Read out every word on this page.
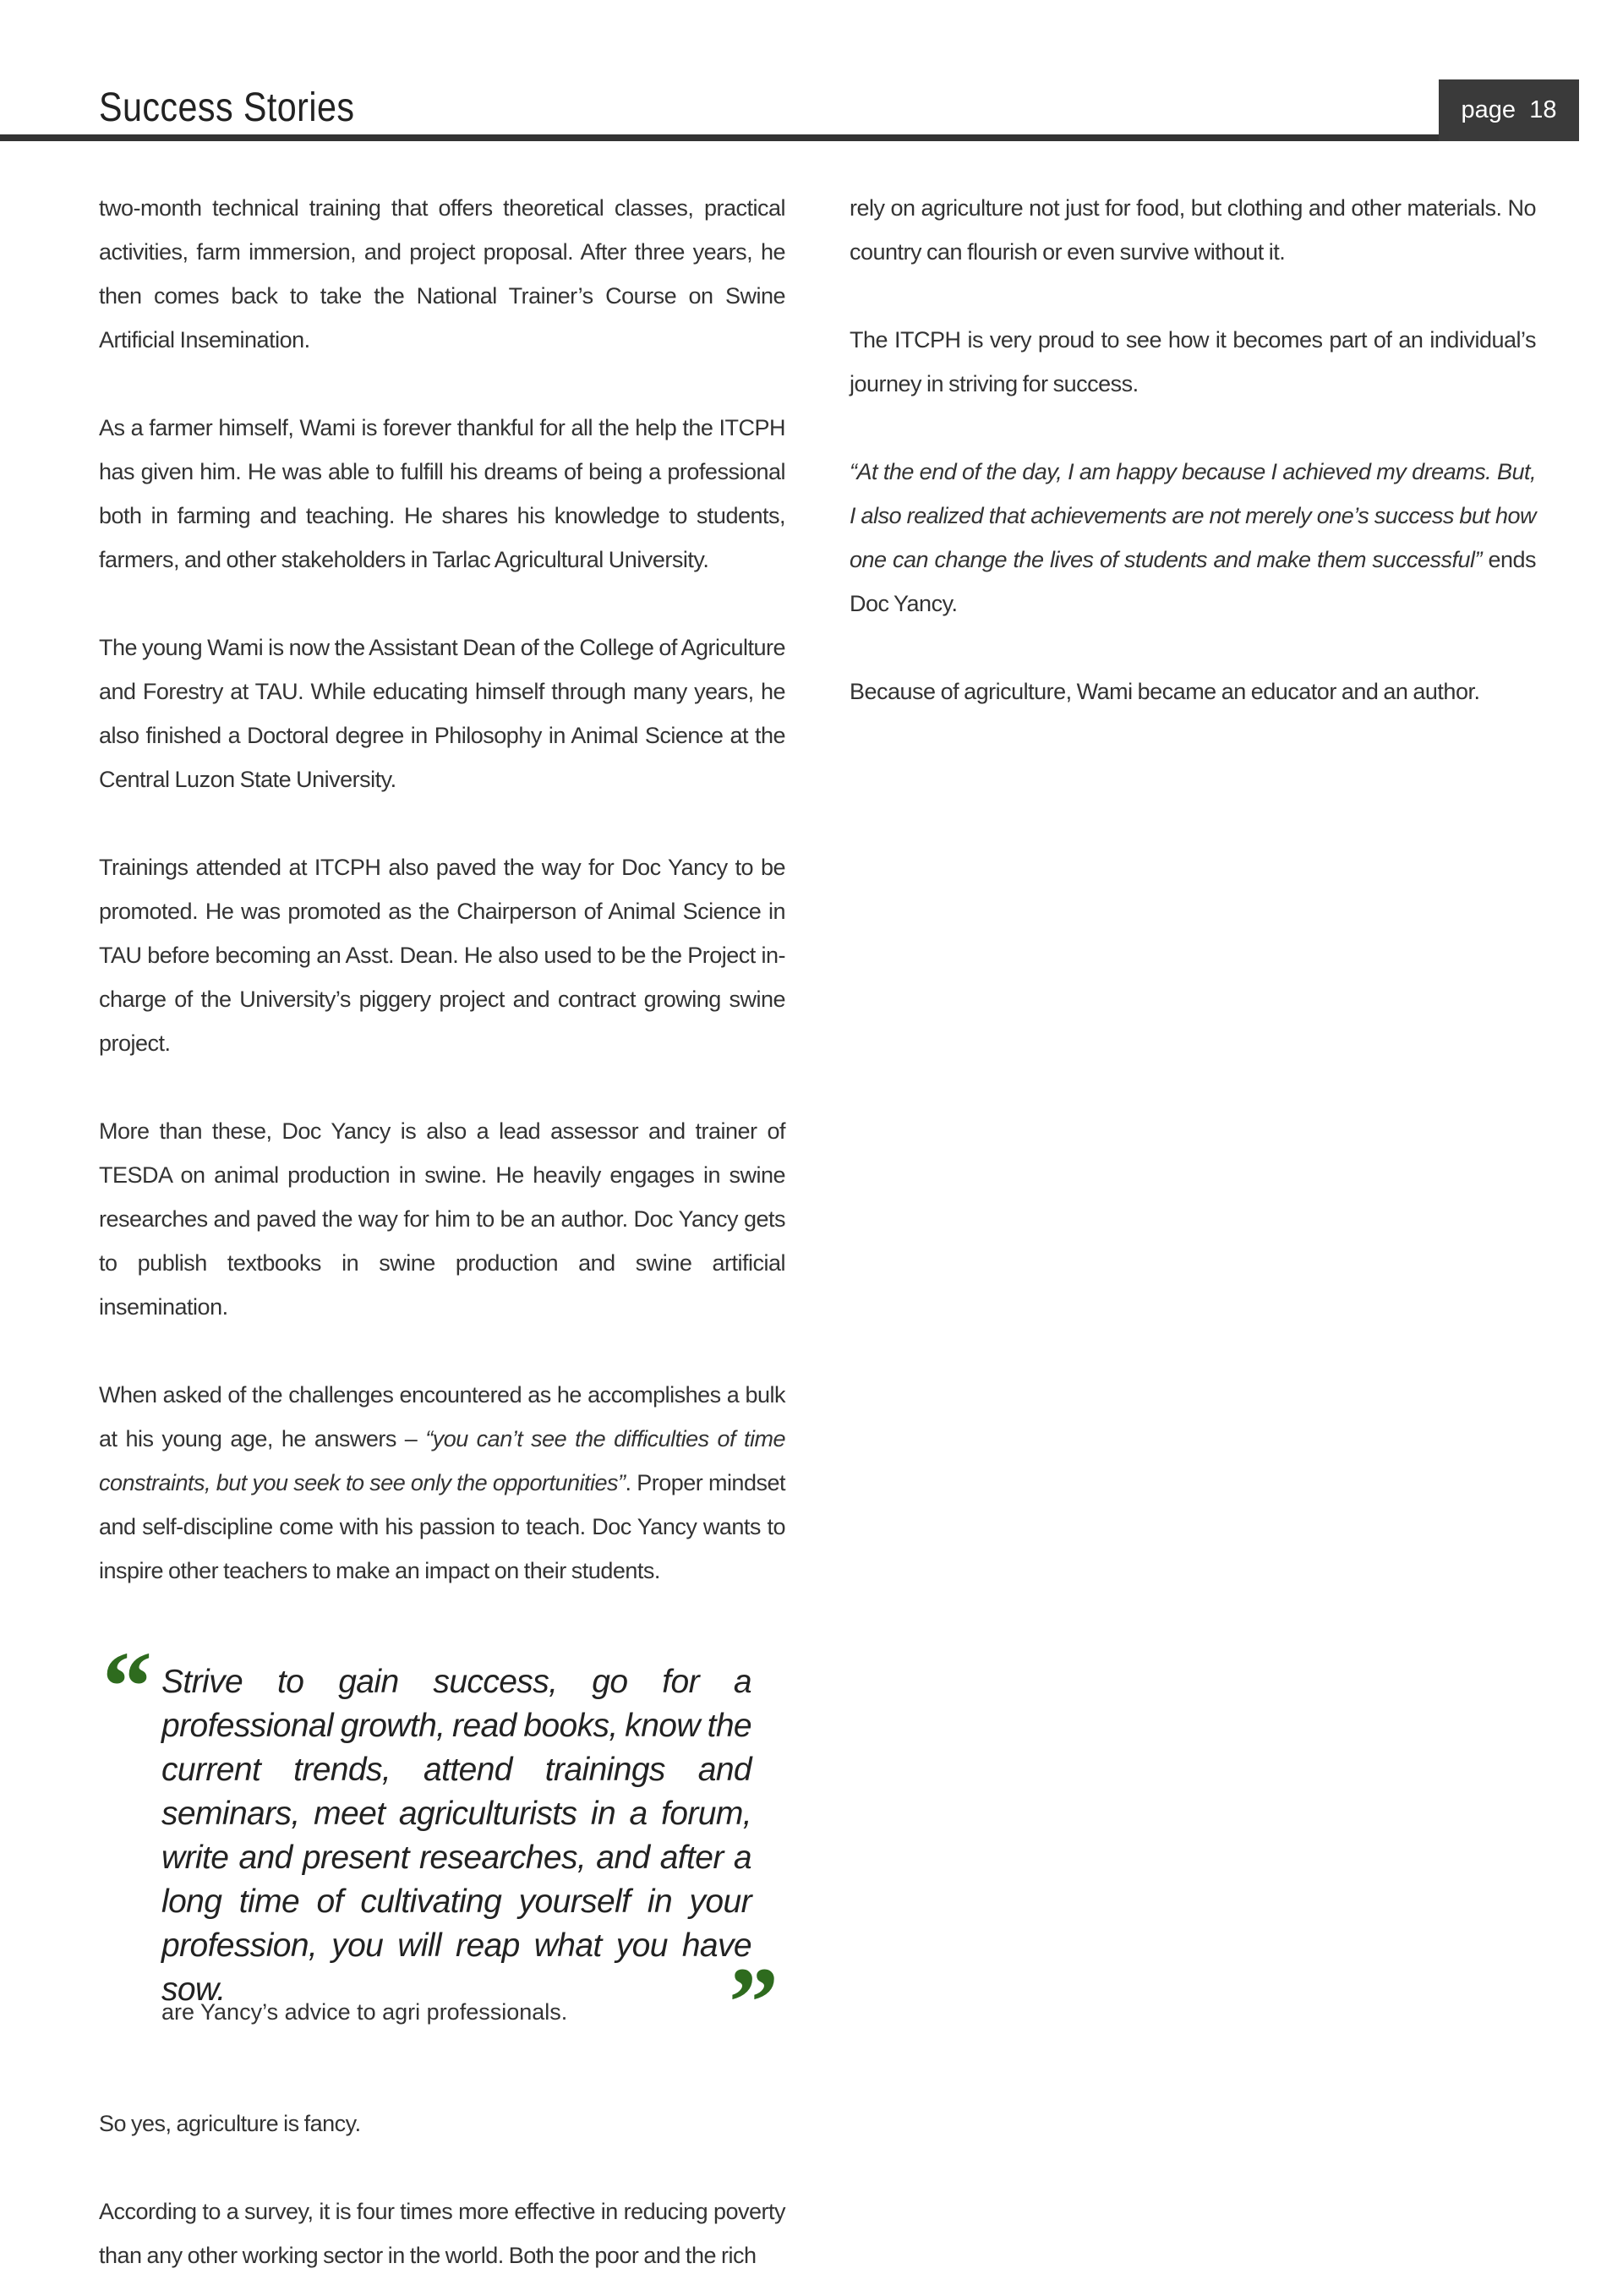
Success Stories	page 18

two-month technical training that offers theoretical classes, practical activities, farm immersion, and project proposal. After three years, he then comes back to take the National Trainer’s Course on Swine Artificial Insemination.

As a farmer himself, Wami is forever thankful for all the help the ITCPH has given him. He was able to fulfill his dreams of being a professional both in farming and teaching. He shares his knowledge to students, farmers, and other stakeholders in Tarlac Agricultural University.

The young Wami is now the Assistant Dean of the College of Agriculture and Forestry at TAU. While educating himself through many years, he also finished a Doctoral degree in Philosophy in Animal Science at the Central Luzon State University.

Trainings attended at ITCPH also paved the way for Doc Yancy to be promoted. He was promoted as the Chairperson of Animal Science in TAU before becoming an Asst. Dean. He also used to be the Project in-charge of the University’s piggery project and contract growing swine project.

More than these, Doc Yancy is also a lead assessor and trainer of TESDA on animal production in swine. He heavily engages in swine researches and paved the way for him to be an author. Doc Yancy gets to publish textbooks in swine production and swine artificial insemination.

When asked of the challenges encountered as he accomplishes a bulk at his young age, he answers – “you can’t see the difficulties of time constraints, but you seek to see only the opportunities”. Proper mindset and self-discipline come with his passion to teach. Doc Yancy wants to inspire other teachers to make an impact on their students.

“ Strive to gain success, go for a professional growth, read books, know the current trends, attend trainings and seminars, meet agriculturists in a forum, write and present researches, and after a long time of cultivating yourself in your profession, you will reap what you have sow.	”
are Yancy’s advice to agri professionals.

So yes, agriculture is fancy.

According to a survey, it is four times more effective in reducing poverty than any other working sector in the world. Both the poor and the rich

rely on agriculture not just for food, but clothing and other materials. No country can flourish or even survive without it.

The ITCPH is very proud to see how it becomes part of an individual’s journey in striving for success.

“At the end of the day, I am happy because I achieved my dreams. But, I also realized that achievements are not merely one’s success but how one can change the lives of students and make them successful” ends Doc Yancy.

Because of agriculture, Wami became an educator and an author.
